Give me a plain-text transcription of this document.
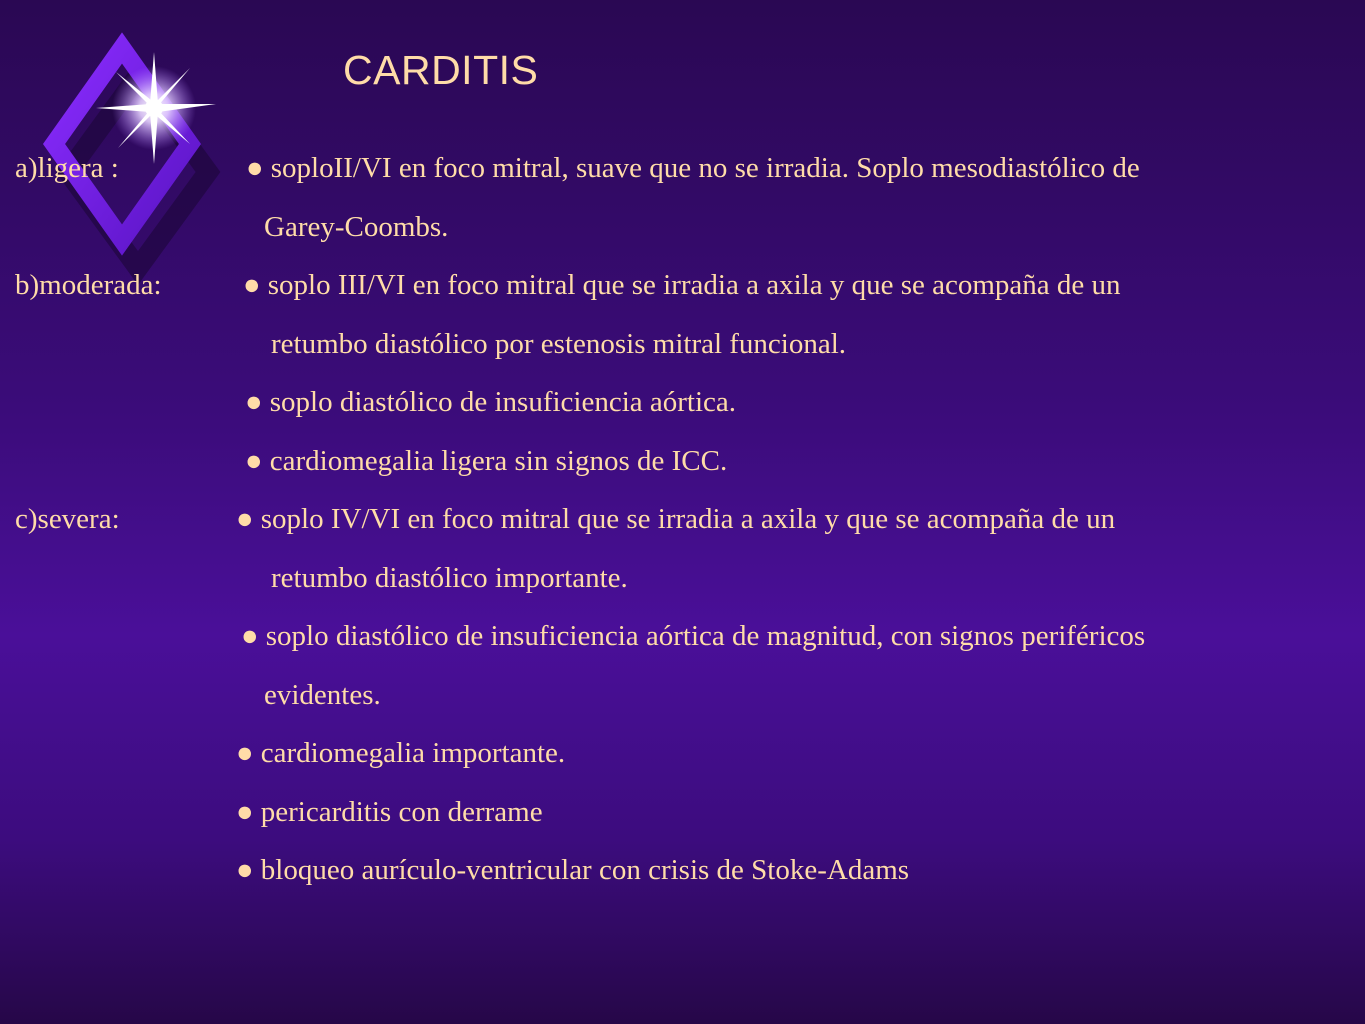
CARDITIS
a)ligera :	● soploII/VI en foco mitral, suave que no se irradia. Soplo mesodiastólico de
Garey-Coombs.
b)moderada:	● soplo III/VI en foco mitral que se irradia a axila y que se acompaña de un
retumbo diastólico por estenosis mitral funcional.
● soplo diastólico de insuficiencia aórtica.
● cardiomegalia ligera sin signos de ICC.
c)severa:	● soplo IV/VI en foco mitral que se irradia a axila y que se acompaña de un
retumbo diastólico importante.
● soplo diastólico de insuficiencia aórtica de magnitud, con signos periféricos
evidentes.
● cardiomegalia importante.
● pericarditis con derrame
● bloqueo aurículo-ventricular con crisis de Stoke-Adams
